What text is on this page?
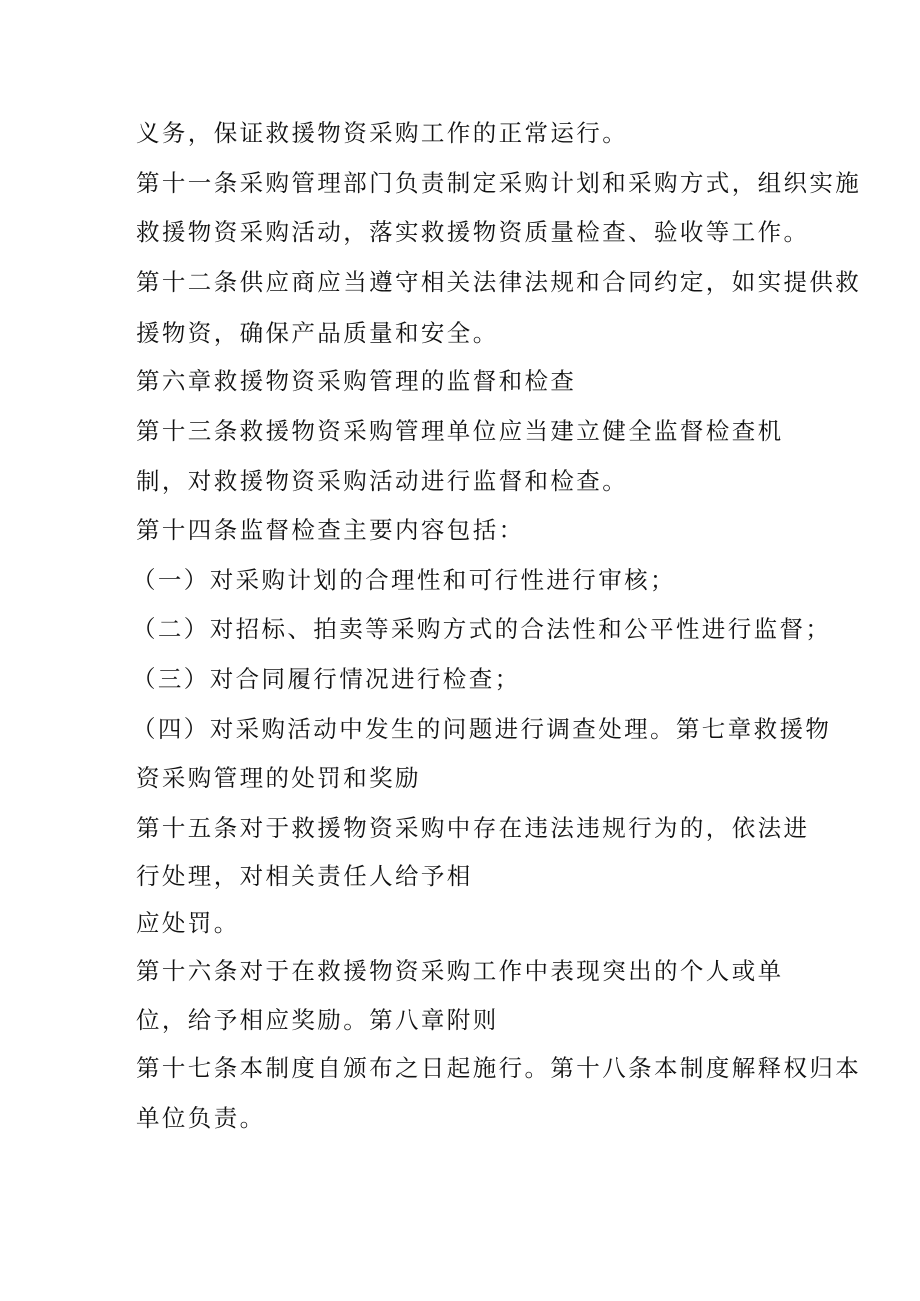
义务，保证救援物资采购工作的正常运行。

第十一条采购管理部门负责制定采购计划和采购方式，组织实施

救援物资采购活动，落实救援物资质量检查、验收等工作。

第十二条供应商应当遵守相关法律法规和合同约定，如实提供救

援物资，确保产品质量和安全。

第六章救援物资采购管理的监督和检查

第十三条救援物资采购管理单位应当建立健全监督检查机

制，对救援物资采购活动进行监督和检查。

第十四条监督检查主要内容包括：

（一）对采购计划的合理性和可行性进行审核；

（二）对招标、拍卖等采购方式的合法性和公平性进行监督；

（三）对合同履行情况进行检查；

（四）对采购活动中发生的问题进行调查处理。第七章救援物

资采购管理的处罚和奖励

第十五条对于救援物资采购中存在违法违规行为的，依法进

行处理，对相关责任人给予相

应处罚。

第十六条对于在救援物资采购工作中表现突出的个人或单

位，给予相应奖励。第八章附则

第十七条本制度自颁布之日起施行。第十八条本制度解释权归本

单位负责。
